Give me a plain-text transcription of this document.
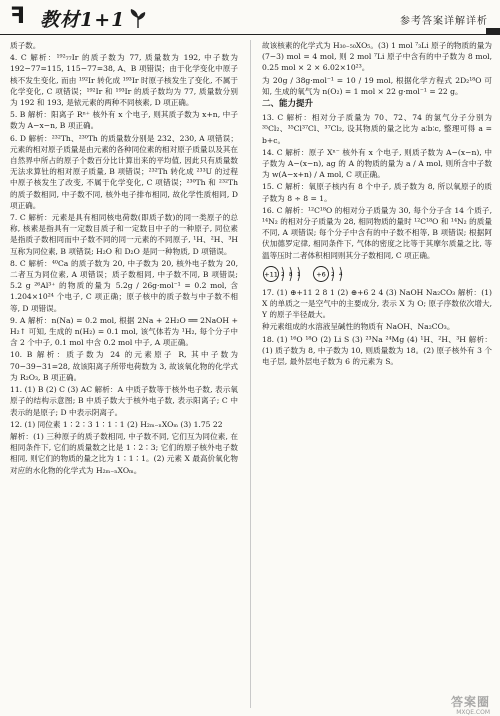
ꟻ 教材1+1	参考答案详解详析

质子数。

4. C 解析：¹⁹²₇₇Ir 的质子数为 77, 质量数为 192, 中子数为 192−77=115, 115−77=38, A、B 项错误；由于化学变化中原子核不发生变化, 而由 ¹⁹²Ir 转化成 ¹⁹³Ir 时原子核发生了变化, 不属于化学变化, C 项错误；¹⁹²Ir 和 ¹⁹³Ir 的质子数均为 77, 质量数分别为 192 和 193, 是铱元素的两种不同核素, D 项正确。

5. B 解析：阳离子 Rⁿ⁺ 核外有 x 个电子, 则其质子数为 x+n, 中子数为 A−x−n, B 项正确。

6. D 解析：²³²Th、²³⁰Th 的质量数分别是 232、230, A 项错误；元素的相对原子质量是由元素的各种同位素的相对原子质量以及其在自然界中所占的原子个数百分比计算出来的平均值, 因此只有质量数无法求算钍的相对原子质量, B 项错误；²³²Th 转化成 ²³³U 的过程中原子核发生了改变, 不属于化学变化, C 项错误；²³⁰Th 和 ²³²Th 的质子数相同, 中子数不同, 核外电子排布相同, 故化学性质相同, D 项正确。

7. C 解析：元素是具有相同核电荷数(即质子数)的同一类原子的总称, 核素是指具有一定数目质子和一定数目中子的一种原子, 同位素是指质子数相同而中子数不同的同一元素的不同原子, ¹H、²H、³H 互称为同位素, B 项错误; H₂O 和 D₂O 是同一种物质, D 项错误。

8. C 解析：⁴⁰Ca 的质子数为 20, 中子数为 20, 核外电子数为 20, 二者互为同位素, A 项错误；质子数相同, 中子数不同, B 项错误; 5.2 g ²⁶Al³⁺ 的物质的量为 5.2g / 26g·mol⁻¹ = 0.2 mol, 含 1.204×10²⁴ 个电子, C 项正确；原子核中的质子数与中子数不相等, D 项错误。

9. A 解析：n(Na) = 0.2 mol, 根据 2Na + 2H₂O ══ 2NaOH + H₂↑ 可知, 生成的 n(H₂) = 0.1 mol, 该气体若为 ¹H₂, 每个分子中含 2 个中子, 0.1 mol 中含 0.2 mol 中子, A 项正确。

10. B 解析：质子数为 24 的元素原子 R, 其中子数为 70−39−31=28, 故该阳离子所带电荷数为 3, 故该氧化物的化学式为 R₂O₃, B 项正确。

11. (1) B (2) C (3) AC 解析：A 中质子数等于核外电子数, 表示氧原子的结构示意图; B 中质子数大于核外电子数, 表示阳离子; C 中表示的是原子; D 中表示阴离子。

12. (1) 同位素 1∶2∶3 1∶1∶1 (2) H₂ₘ₋ₙXOₘ (3) 1.75 22

解析：(1) 三种原子的质子数相同, 中子数不同, 它们互为同位素, 在相同条件下, 它们的质量数之比是 1∶2∶3; 它们的原子核外电子数相同, 则它们的物质的量之比为 1∶1∶1。(2) 元素 X 最高价氧化物对应的水化物的化学式为 H₂ₘ₋ₙXOₘ。

故该核素的化学式为 H₃₀₋₅₀XO₅。(3) 1 mol ⁷₃Li 原子的物质的量为 (7−3) mol = 4 mol, 则 2 mol ⁷Li 原子中含有的中子数为 8 mol, 0.25 mol × 2 × 6.02×10²³。

为 20g / 38g·mol⁻¹ = 10 / 19 mol, 根据化学方程式 2D₂¹⁸O 可知, 生成的氧气为 n(O₂) = 1 mol × 22 g·mol⁻¹ = 22 g。

二、能力提升

13. C 解析：相对分子质量为 70、72、74 的氯气分子分别为 ³⁵Cl₂、³⁵Cl³⁷Cl、³⁷Cl₂, 设其物质的量之比为 a∶b∶c, 整理可得 a = b+c。

14. C 解析：原子 Xⁿ⁻ 核外有 x 个电子, 则质子数为 A−(x−n), 中子数为 A−(x−n), ag 的 A 的物质的量为 a / A mol, 则所含中子数为 w(A−x+n) / A mol, C 项正确。

15. C 解析：氧原子核内有 8 个中子, 质子数为 8, 所以氧原子的质子数为 8 ÷ 8 = 1。

16. C 解析：¹²C¹⁸O 的相对分子质量为 30, 每个分子含 14 个质子, ¹⁴N₂ 的相对分子质量为 28, 相同物质的量时 ¹²C¹⁸O 和 ¹⁴N₂ 的质量不同, A 项错误; 每个分子中含有的中子数不相等, B 项错误; 根据阿伏加德罗定律, 相同条件下, 气体的密度之比等于其摩尔质量之比, 等温等压时二者体积相同则其分子数相同, C 项正确。

+11 2 8 1 +6 2 4

17. (1) ⊕+11 2 8 1 (2) ⊕+6 2 4 (3) NaOH Na₂CO₃ 解析：(1) X 的单质之一是空气中的主要成分, 表示 X 为 O; 原子序数依次增大, Y 的原子半径最大。

种元素组成的水溶液呈碱性的物质有 NaOH、Na₂CO₃。

18. (1) ¹⁶O ¹⁸O (2) Li S (3) ²³Na ²⁴Mg (4) ¹H、²H、³H 解析：(1) 质子数为 8, 中子数为 10, 则质量数为 18。(2) 原子核外有 3 个电子层, 最外层电子数为 6 的元素为 S。

答案圈
MXQE.COM
